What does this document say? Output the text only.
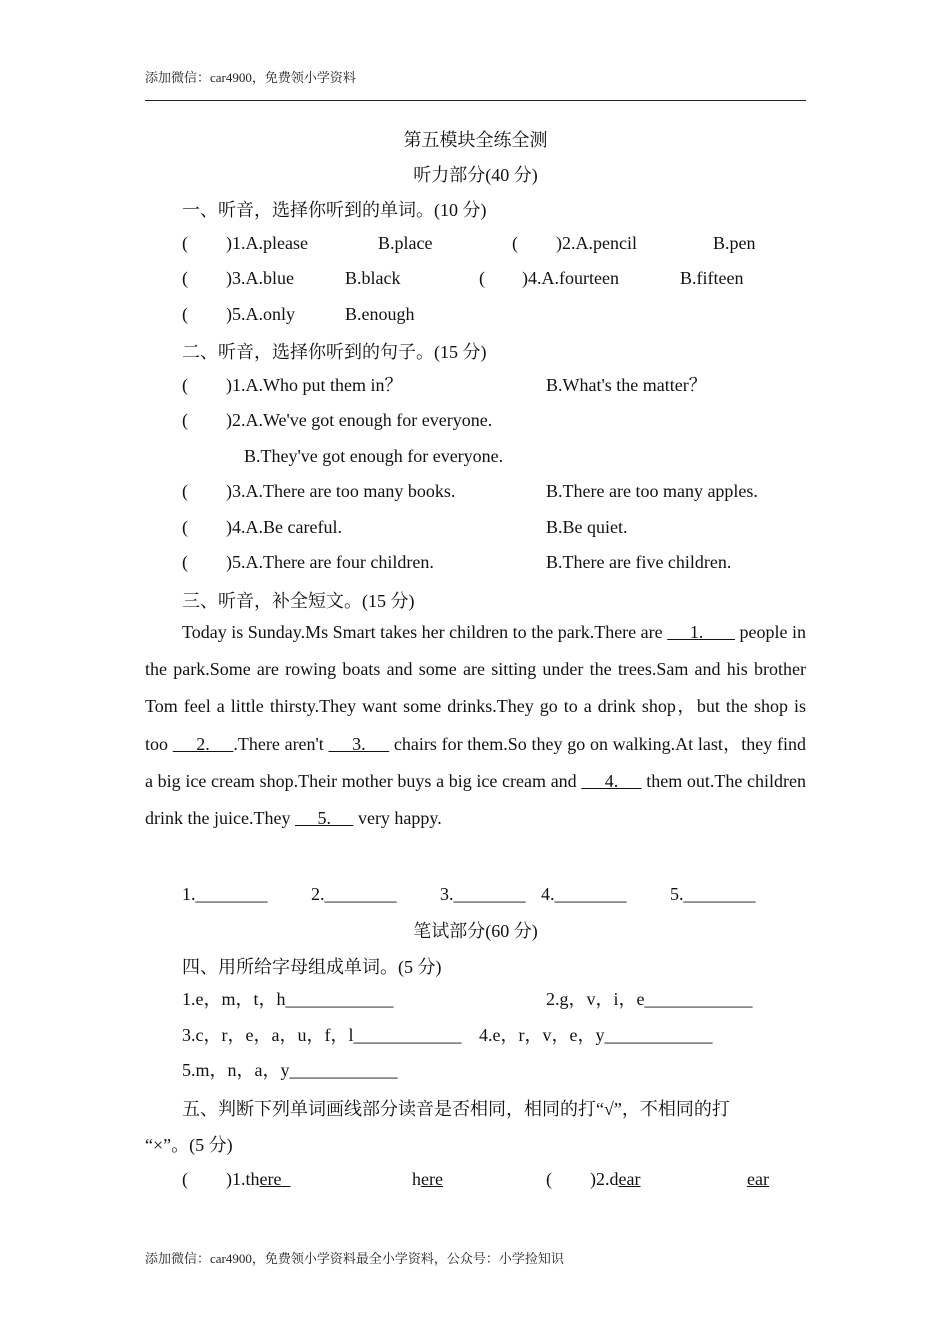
添加微信：car4900，免费领小学资料
第五模块全练全测
听力部分(40 分)
一、听音，选择你听到的单词。(10 分)
( )1.A.please	B.place	( )2.A.pencil	B.pen
( )3.A.blue	B.black	( )4.A.fourteen	B.fifteen
( )5.A.only	B.enough
二、听音，选择你听到的句子。(15 分)
( )1.A.Who put them in？	B.What's the matter？
( )2.A.We've got enough for everyone.
B.They've got enough for everyone.
( )3.A.There are too many books.	B.There are too many apples.
( )4.A.Be careful.	B.Be quiet.
( )5.A.There are four children.	B.There are five children.
三、听音，补全短文。(15 分)

Today is Sunday.Ms Smart takes her children to the park.There are      1.        people in the park.Some are rowing boats and some are sitting under the trees.Sam and his brother Tom feel a little thirsty.They want some drinks.They go to a drink shop，but the shop is too      2.     .There aren't      3.      chairs for them.So they go on walking.At last，they find a big ice cream shop.Their mother buys a big ice cream and      4.      them out.The children drink the juice.They      5.      very happy.

1.________ 2.________ 3.________ 4.________ 5.________
笔试部分(60 分)
四、用所给字母组成单词。(5 分)
1.e，m，t，h____________	2.g，v，i，e____________
3.c，r，e，a，u，f，l____________ 4.e，r，v，e，y____________
5.m，n，a，y____________
五、判断下列单词画线部分读音是否相同，相同的打“√”，不相同的打
“×”。(5 分)
( )1.there	here	( )2.dear	ear
添加微信：car4900，免费领小学资料最全小学资料，公众号：小学捡知识
